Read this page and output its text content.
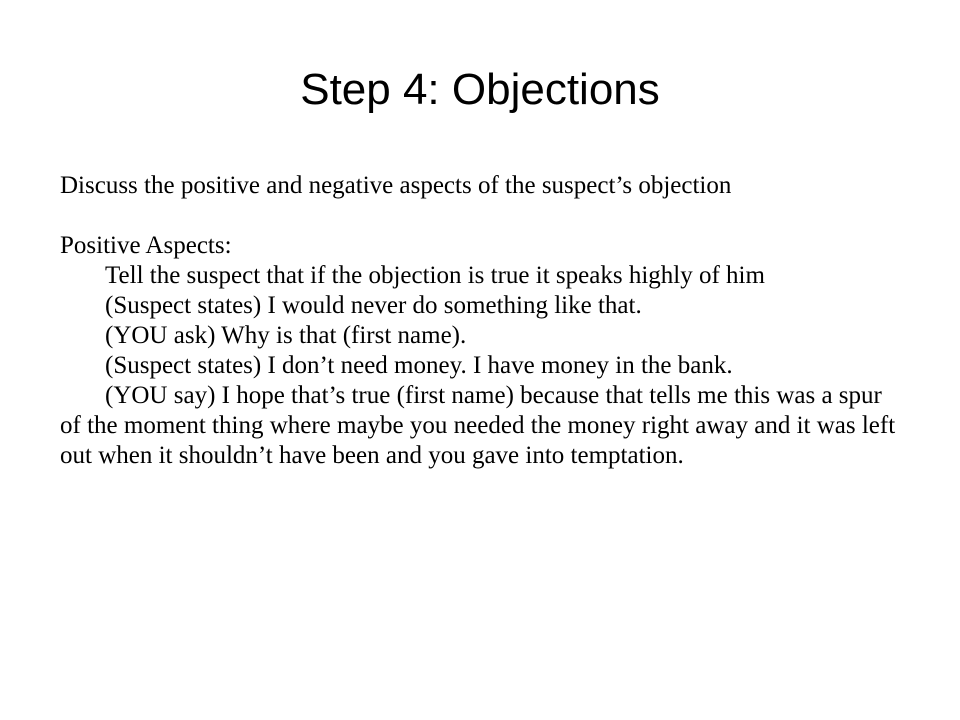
Step 4: Objections

Discuss the positive and negative aspects of the suspect’s objection

Positive Aspects:

Tell the suspect that if the objection is true it speaks highly of him

(Suspect states) I would never do something like that.

(YOU ask) Why is that (first name).

(Suspect states) I don’t need money. I have money in the bank.

(YOU say) I hope that’s true (first name) because that tells me this was a spur of the moment thing where maybe you needed the money right away and it was left out when it shouldn’t have been and you gave into temptation.
